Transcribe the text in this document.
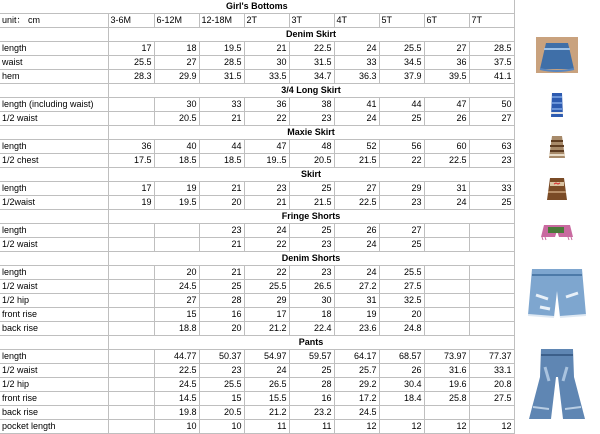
Girl's Bottoms										
unit： cm	3-6M	6-12M	12-18M	2T	3T	4T	5T	6T	7T	
	Denim Skirt									
length	17	18	19.5	21	22.5	24	25.5	27	28.5	

waist	25.5	27	28.5	30	31.5	33	34.5	36	37.5	
hem	28.3	29.9	31.5	33.5	34.7	36.3	37.9	39.5	41.1	
	3/4 Long Skirt									
length (including waist)		30	33	36	38	41	44	47	50	

1/2 waist		20.5	21	22	23	24	25	26	27	
	Maxie Skirt									
length	36	40	44	47	48	52	56	60	63	

1/2 chest	17.5	18.5	18.5	19..5	20.5	21.5	22	22.5	23	
	Skirt									
length	17	19	21	23	25	27	29	31	33	

1/2waist	19	19.5	20	21	21.5	22.5	23	24	25	
	Fringe Shorts									
length			23	24	25	26	27			

1/2 waist			21	22	23	24	25			
	Denim Shorts									
length		20	21	22	23	24	25.5			

1/2 waist		24.5	25	25.5	26.5	27.2	27.5			
1/2 hip		27	28	29	30	31	32.5			
front rise		15	16	17	18	19	20			
back rise		18.8	20	21.2	22.4	23.6	24.8			
	Pants									
length		44.77	50.37	54.97	59.57	64.17	68.57	73.97	77.37	

1/2 waist		22.5	23	24	25	25.7	26	31.6	33.1	
1/2 hip		24.5	25.5	26.5	28	29.2	30.4	19.6	20.8	
front rise		14.5	15	15.5	16	17.2	18.4	25.8	27.5	
back rise		19.8	20.5	21.2	23.2	24.5				
pocket length		10	10	11	11	12	12	12	12	
